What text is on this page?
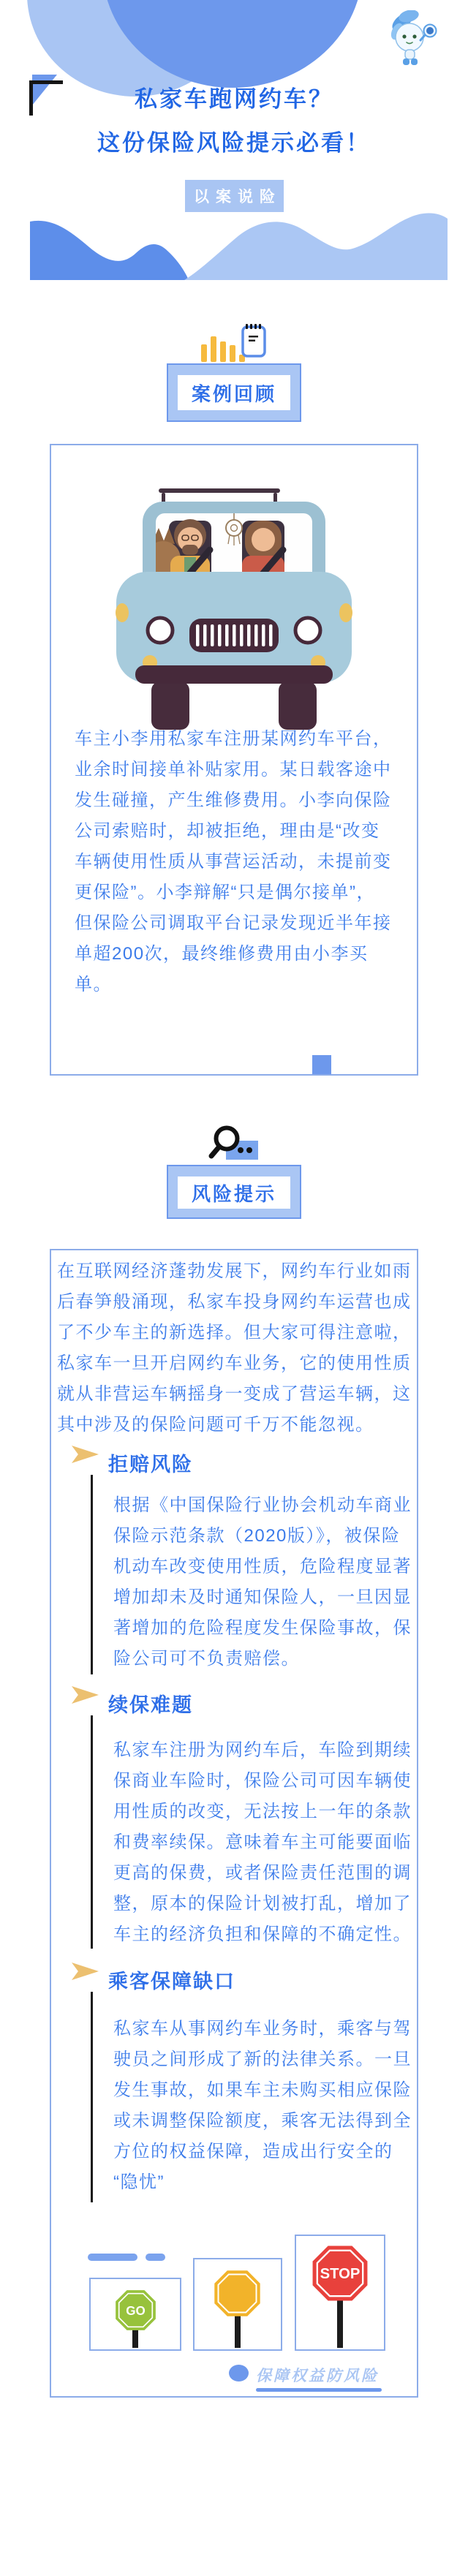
私家车跑网约车？
这份保险风险提示必看！
以案说险
案例回顾
车主小李用私家车注册某网约车平台，
业余时间接单补贴家用。某日载客途中
发生碰撞，产生维修费用。小李向保险
公司索赔时，却被拒绝，理由是“改变
车辆使用性质从事营运活动，未提前变
更保险”。小李辩解“只是偶尔接单”，
但保险公司调取平台记录发现近半年接
单超200次，最终维修费用由小李买
单。
风险提示
在互联网经济蓬勃发展下，网约车行业如雨
后春笋般涌现，私家车投身网约车运营也成
了不少车主的新选择。但大家可得注意啦，
私家车一旦开启网约车业务，它的使用性质
就从非营运车辆摇身一变成了营运车辆，这
其中涉及的保险问题可千万不能忽视。
拒赔风险
根据《中国保险行业协会机动车商业
保险示范条款（2020版）》，被保险
机动车改变使用性质，危险程度显著
增加却未及时通知保险人，一旦因显
著增加的危险程度发生保险事故，保
险公司可不负责赔偿。
续保难题
私家车注册为网约车后，车险到期续
保商业车险时，保险公司可因车辆使
用性质的改变，无法按上一年的条款
和费率续保。意味着车主可能要面临
更高的保费，或者保险责任范围的调
整，原本的保险计划被打乱，增加了
车主的经济负担和保障的不确定性。
乘客保障缺口
私家车从事网约车业务时，乘客与驾
驶员之间形成了新的法律关系。一旦
发生事故，如果车主未购买相应保险
或未调整保险额度，乘客无法得到全
方位的权益保障，造成出行安全的
“隐忧”
GO
STOP
保障权益防风险
